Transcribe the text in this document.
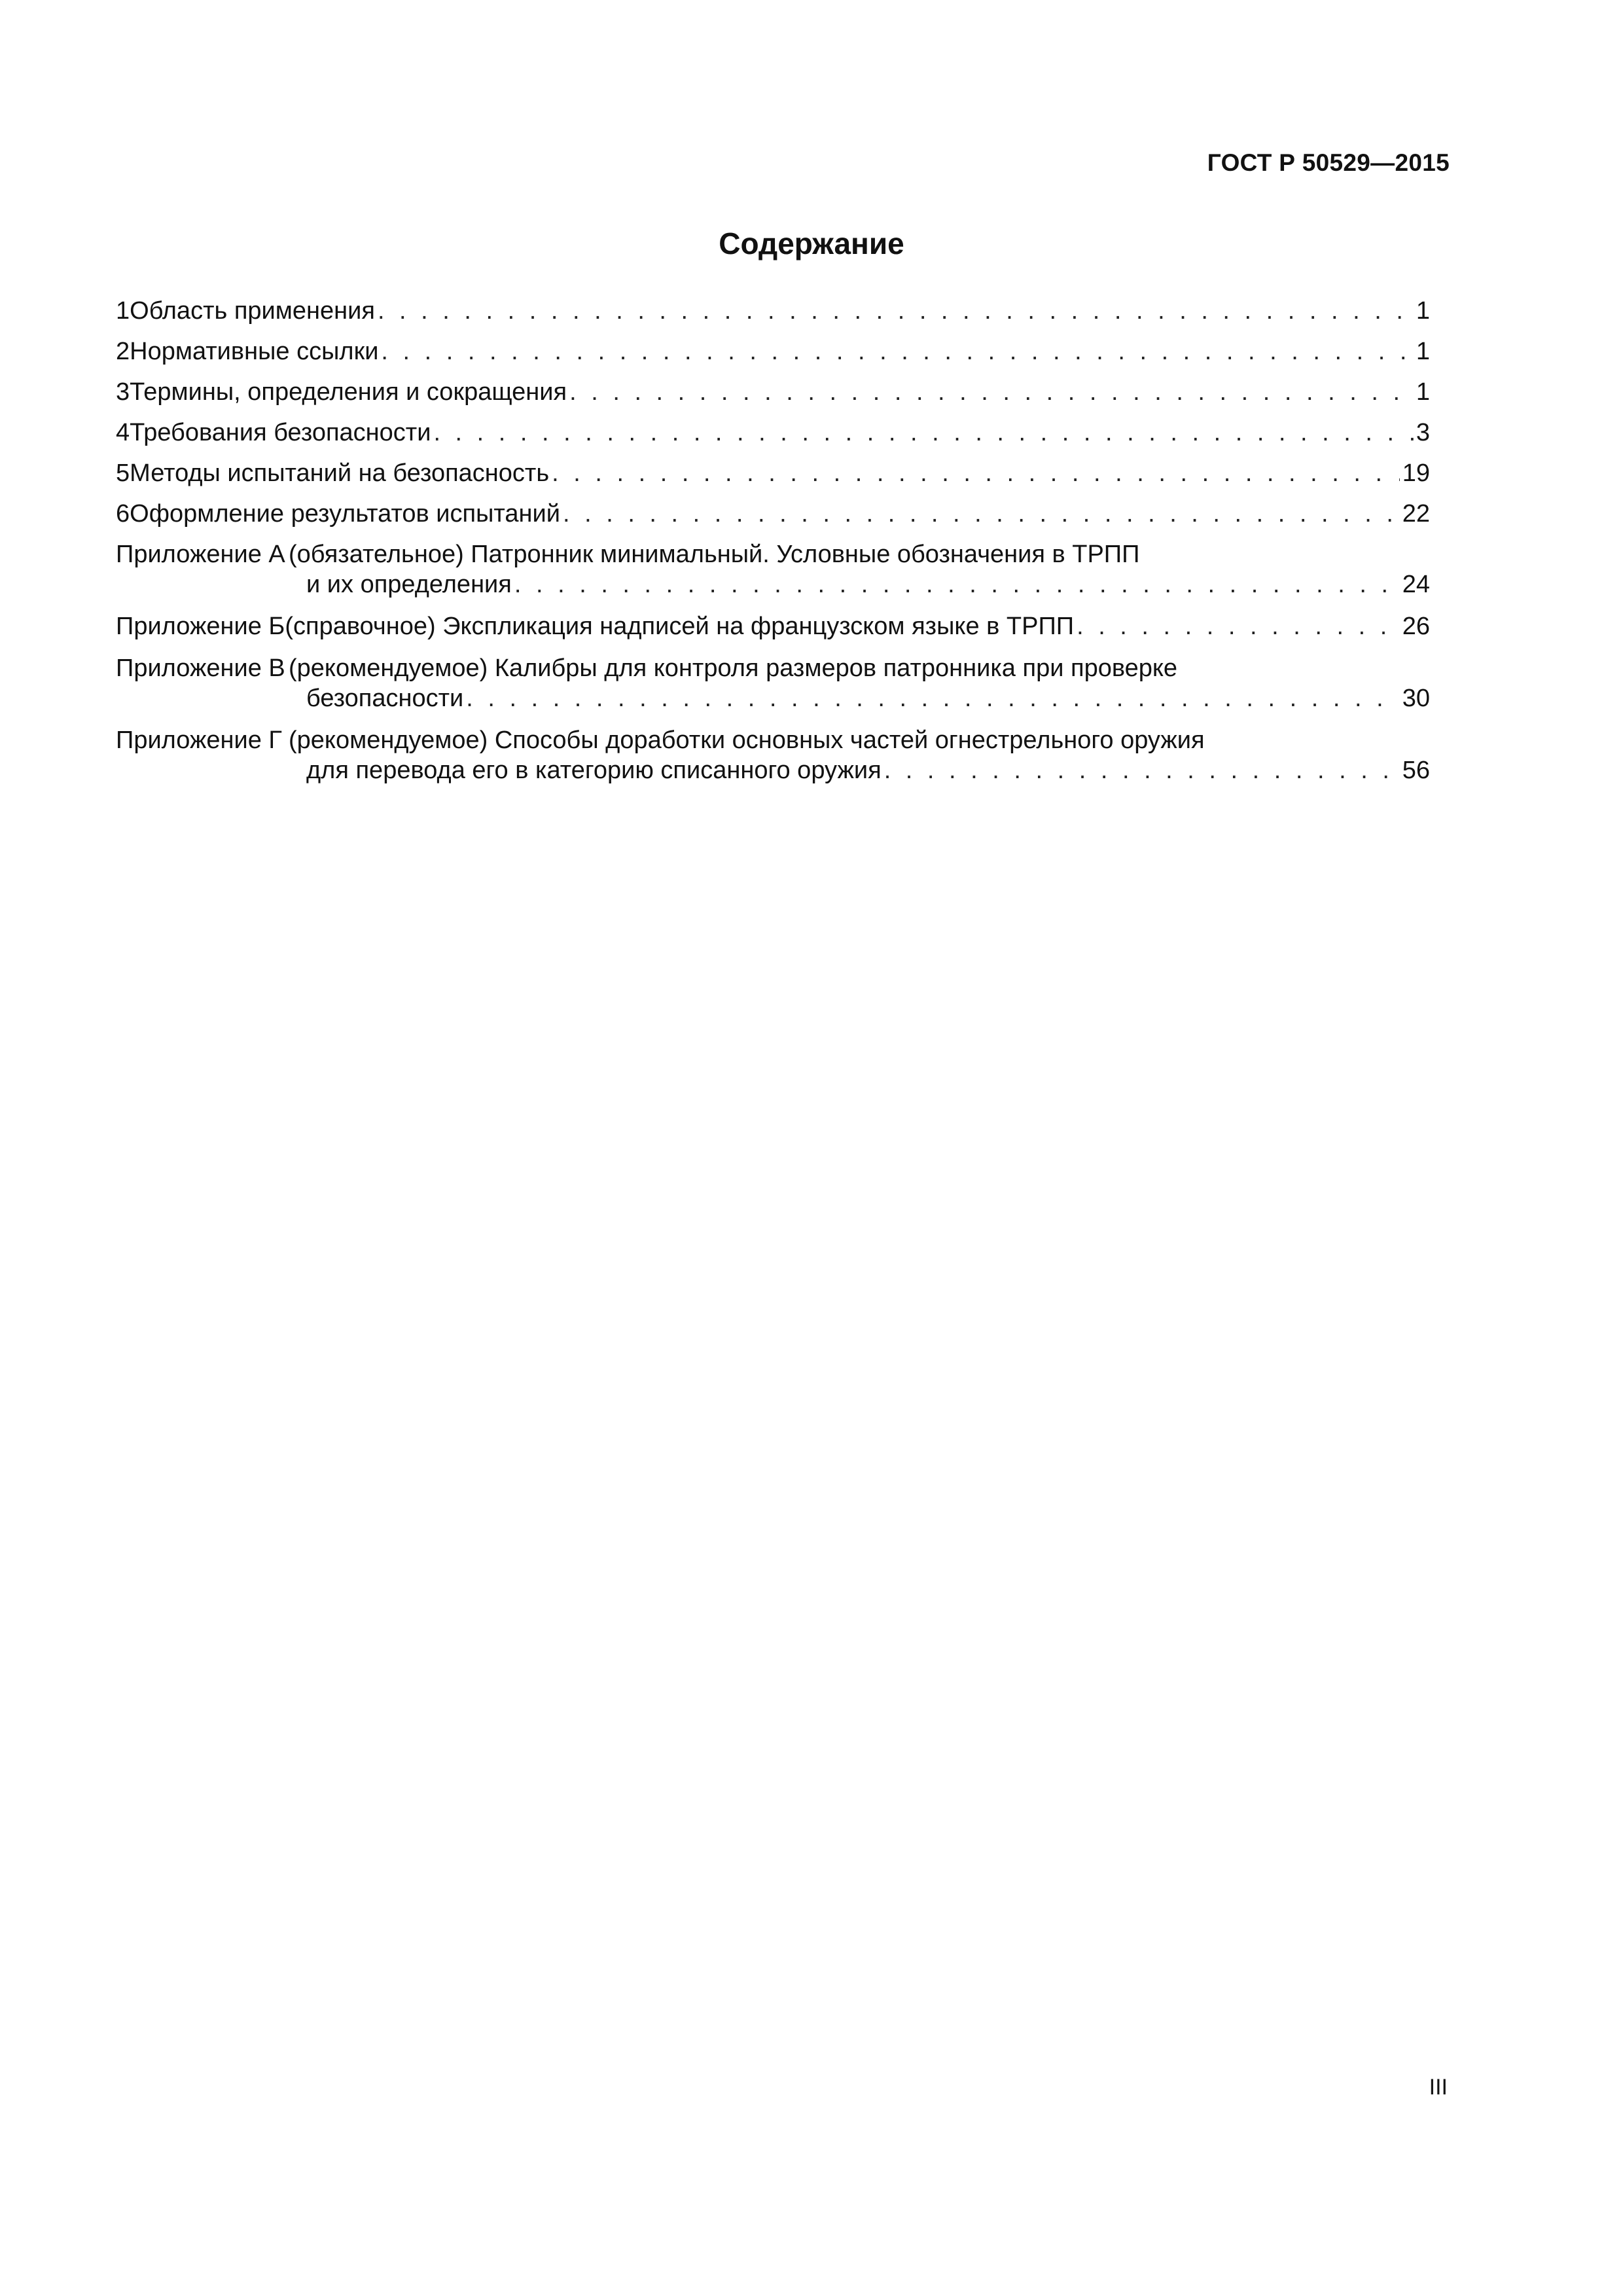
ГОСТ Р 50529—2015
Содержание
1 Область применения . . .	1
2 Нормативные ссылки . . .	1
3 Термины, определения и сокращения . . .	1
4 Требования безопасности . . .	3
5 Методы испытаний на безопасность . . .	19
6 Оформление результатов испытаний . . .	22
Приложение А (обязательное) Патронник минимальный. Условные обозначения в ТРПП
и их определения . . .	24
Приложение Б (справочное) Экспликация надписей на французском языке в ТРПП . . .	26
Приложение В (рекомендуемое) Калибры для контроля размеров патронника при проверке
безопасности . . .	30
Приложение Г (рекомендуемое) Способы доработки основных частей огнестрельного оружия
для перевода его в категорию списанного оружия . . .	56
III
